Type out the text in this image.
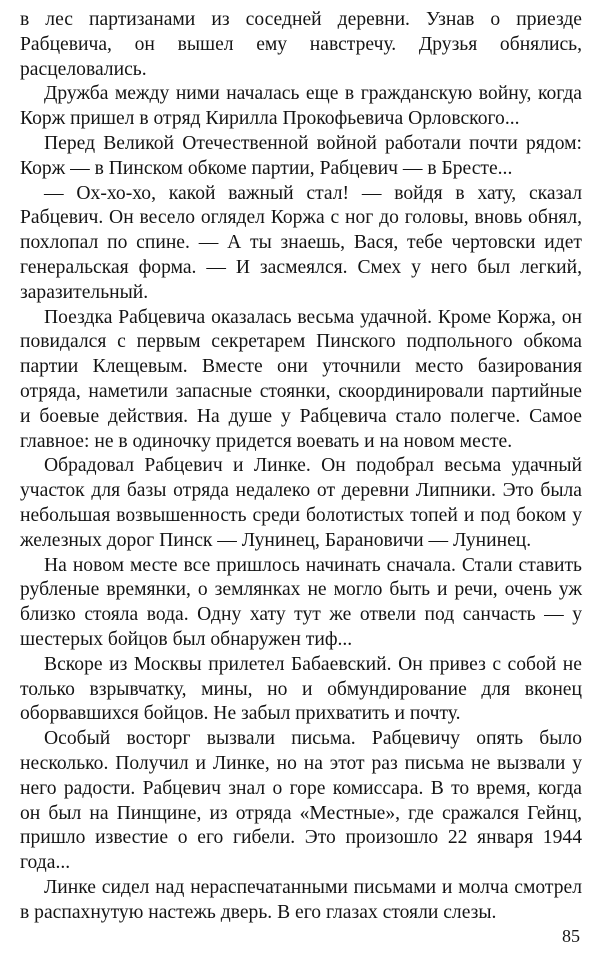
в лес партизанами из соседней деревни. Узнав о приезде Рабцевича, он вышел ему навстречу. Друзья обнялись, расцеловались.

Дружба между ними началась еще в гражданскую войну, когда Корж пришел в отряд Кирилла Прокофьевича Орловского...

Перед Великой Отечественной войной работали почти рядом: Корж — в Пинском обкоме партии, Рабцевич — в Бресте...

— Ох-хо-хо, какой важный стал! — войдя в хату, сказал Рабцевич. Он весело оглядел Коржа с ног до головы, вновь обнял, похлопал по спине. — А ты знаешь, Вася, тебе чертовски идет генеральская форма. — И засмеялся. Смех у него был легкий, заразительный.

Поездка Рабцевича оказалась весьма удачной. Кроме Коржа, он повидался с первым секретарем Пинского подпольного обкома партии Клещевым. Вместе они уточнили место базирования отряда, наметили запасные стоянки, скоординировали партийные и боевые действия. На душе у Рабцевича стало полегче. Самое главное: не в одиночку придется воевать и на новом месте.

Обрадовал Рабцевич и Линке. Он подобрал весьма удачный участок для базы отряда недалеко от деревни Липники. Это была небольшая возвышенность среди болотистых топей и под боком у железных дорог Пинск — Лунинец, Барановичи — Лунинец.

На новом месте все пришлось начинать сначала. Стали ставить рубленые времянки, о землянках не могло быть и речи, очень уж близко стояла вода. Одну хату тут же отвели под санчасть — у шестерых бойцов был обнаружен тиф...

Вскоре из Москвы прилетел Бабаевский. Он привез с собой не только взрывчатку, мины, но и обмундирование для вконец оборвавшихся бойцов. Не забыл прихватить и почту.

Особый восторг вызвали письма. Рабцевичу опять было несколько. Получил и Линке, но на этот раз письма не вызвали у него радости. Рабцевич знал о горе комиссара. В то время, когда он был на Пинщине, из отряда «Местные», где сражался Гейнц, пришло известие о его гибели. Это произошло 22 января 1944 года...

Линке сидел над нераспечатанными письмами и молча смотрел в распахнутую настежь дверь. В его глазах стояли слезы.

85
